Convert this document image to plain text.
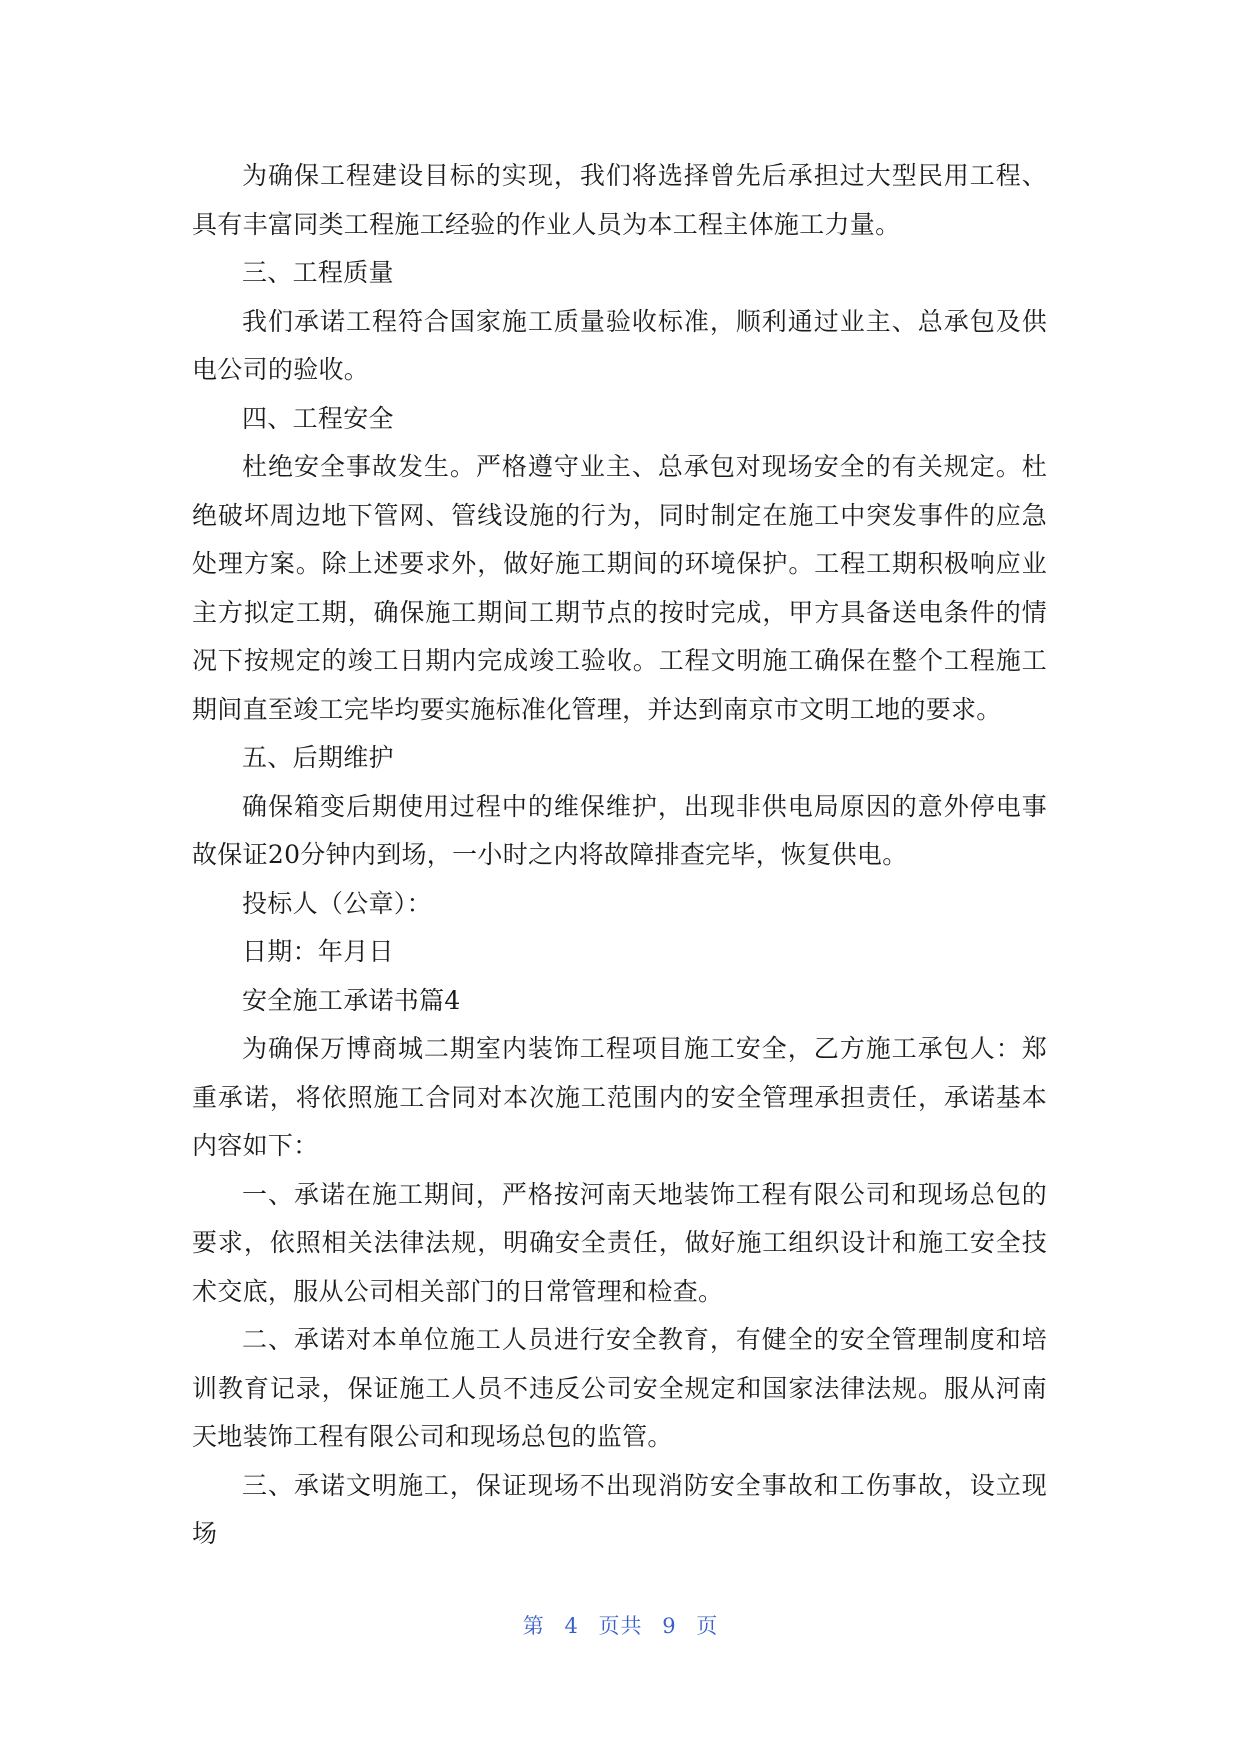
为确保工程建设目标的实现，我们将选择曾先后承担过大型民用工程、具有丰富同类工程施工经验的作业人员为本工程主体施工力量。

三、工程质量

我们承诺工程符合国家施工质量验收标准，顺利通过业主、总承包及供电公司的验收。

四、工程安全

杜绝安全事故发生。严格遵守业主、总承包对现场安全的有关规定。杜绝破坏周边地下管网、管线设施的行为，同时制定在施工中突发事件的应急处理方案。除上述要求外，做好施工期间的环境保护。工程工期积极响应业主方拟定工期，确保施工期间工期节点的按时完成，甲方具备送电条件的情况下按规定的竣工日期内完成竣工验收。工程文明施工确保在整个工程施工期间直至竣工完毕均要实施标准化管理，并达到南京市文明工地的要求。

五、后期维护

确保箱变后期使用过程中的维保维护，出现非供电局原因的意外停电事故保证20分钟内到场，一小时之内将故障排查完毕，恢复供电。

投标人（公章）：

日期：年月日

安全施工承诺书篇4

为确保万博商城二期室内装饰工程项目施工安全，乙方施工承包人：郑重承诺，将依照施工合同对本次施工范围内的安全管理承担责任，承诺基本内容如下：

一、承诺在施工期间，严格按河南天地装饰工程有限公司和现场总包的要求，依照相关法律法规，明确安全责任，做好施工组织设计和施工安全技术交底，服从公司相关部门的日常管理和检查。

二、承诺对本单位施工人员进行安全教育，有健全的安全管理制度和培训教育记录，保证施工人员不违反公司安全规定和国家法律法规。服从河南天地装饰工程有限公司和现场总包的监管。

三、承诺文明施工，保证现场不出现消防安全事故和工伤事故，设立现场

第 4 页共 9 页
